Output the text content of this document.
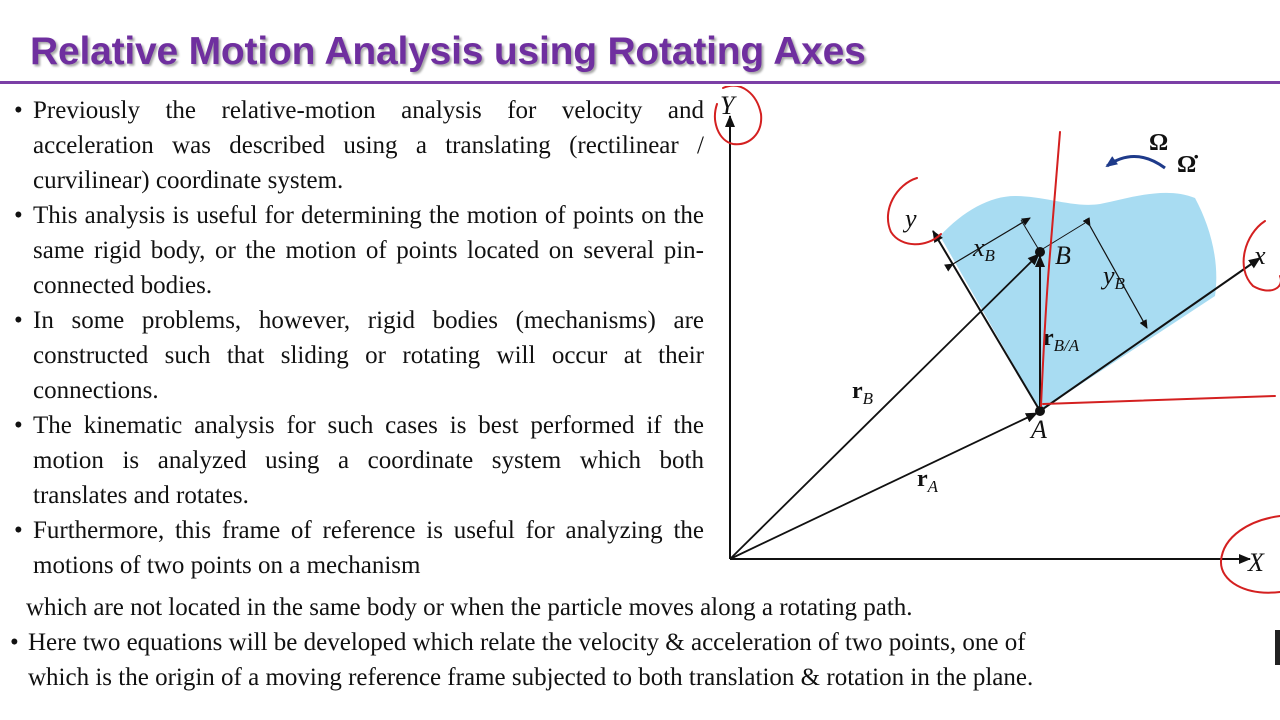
Relative Motion Analysis using Rotating Axes
• Previously the relative-motion analysis for velocity and acceleration was described using a translating (rectilinear / curvilinear) coordinate system.
• This analysis is useful for determining the motion of points on the same rigid body, or the motion of points located on several pin-connected bodies.
• In some problems, however, rigid bodies (mechanisms) are constructed such that sliding or rotating will occur at their connections.
• The kinematic analysis for such cases is best performed if the motion is analyzed using a coordinate system which both translates and rotates.
• Furthermore, this frame of reference is useful for analyzing the motions of two points on a mechanism
which are not located in the same body or when the particle moves along a rotating path.
• Here two equations will be developed which relate the velocity & acceleration of two points, one of
which is the origin of a moving reference frame subjected to both translation & rotation in the plane.
Y
X
x
y
B
A
rB
rA
rB/A
xB
yB
Ω
Ω̇
